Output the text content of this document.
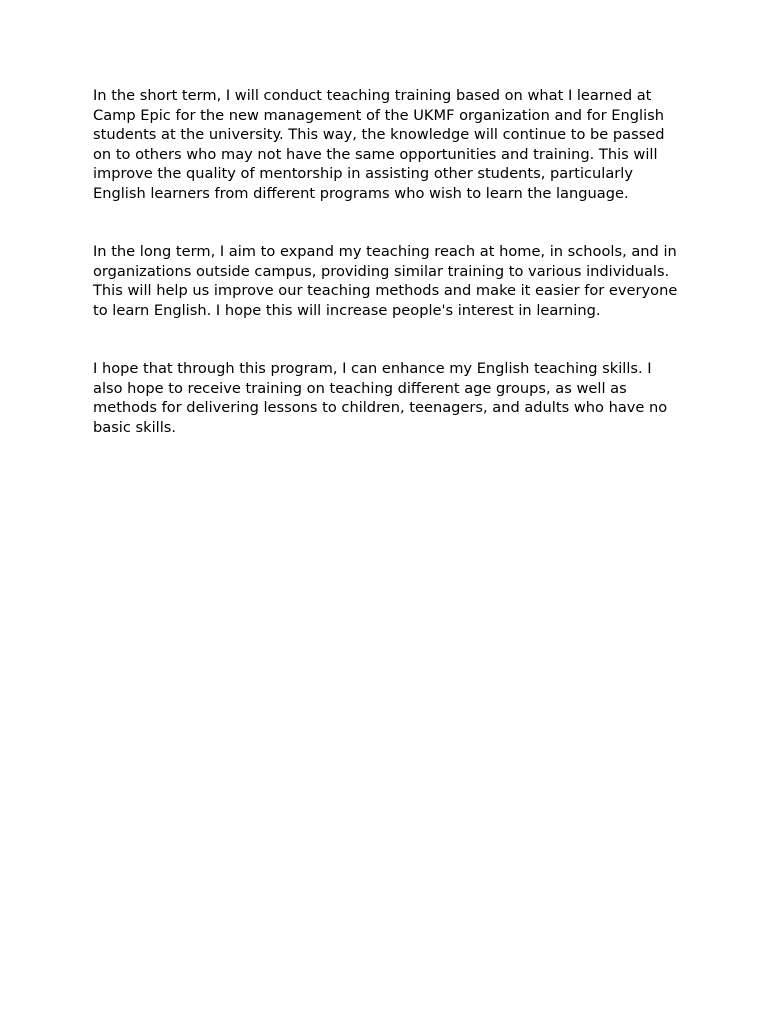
In the short term, I will conduct teaching training based on what I learned at Camp Epic for the new management of the UKMF organization and for English students at the university. This way, the knowledge will continue to be passed on to others who may not have the same opportunities and training. This will improve the quality of mentorship in assisting other students, particularly English learners from different programs who wish to learn the language.

In the long term, I aim to expand my teaching reach at home, in schools, and in organizations outside campus, providing similar training to various individuals. This will help us improve our teaching methods and make it easier for everyone to learn English. I hope this will increase people's interest in learning.

I hope that through this program, I can enhance my English teaching skills. I also hope to receive training on teaching different age groups, as well as methods for delivering lessons to children, teenagers, and adults who have no basic skills.
